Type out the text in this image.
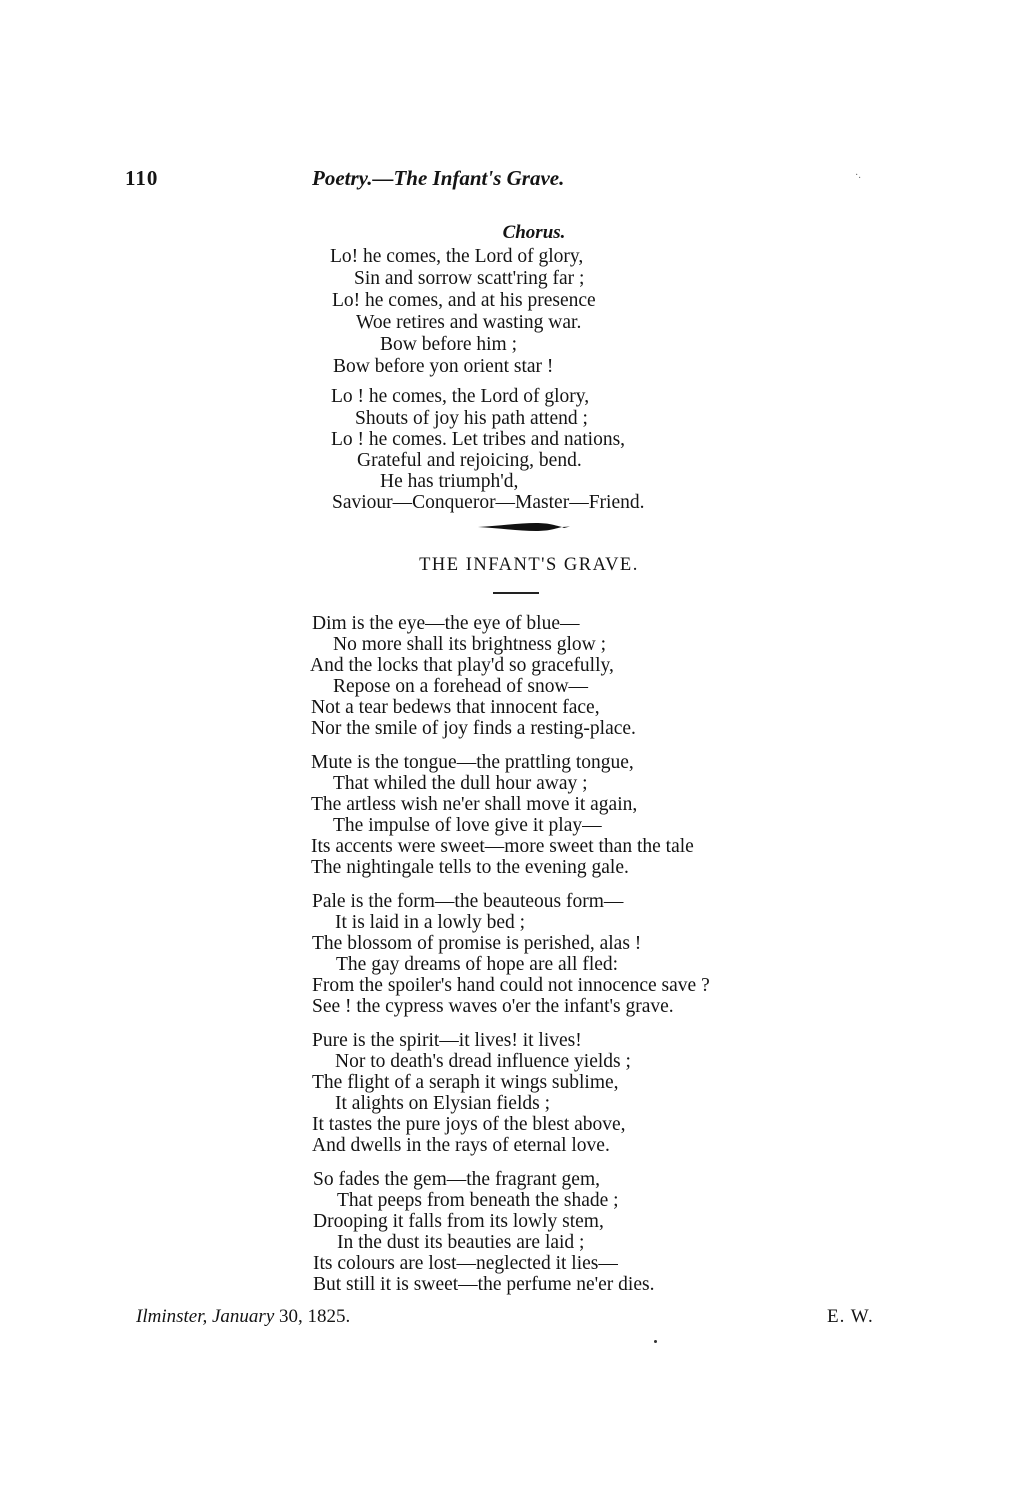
110	Poetry.—The Infant's Grave.	·.
Chorus.
Lo! he comes, the Lord of glory,
Sin and sorrow scatt'ring far ;
Lo! he comes, and at his presence
Woe retires and wasting war.
Bow before him ;
Bow before yon orient star !
Lo ! he comes, the Lord of glory,
Shouts of joy his path attend ;
Lo ! he comes. Let tribes and nations,
Grateful and rejoicing, bend.
He has triumph'd,
Saviour—Conqueror—Master—Friend.
THE INFANT'S GRAVE.
Dim is the eye—the eye of blue—
No more shall its brightness glow ;
And the locks that play'd so gracefully,
Repose on a forehead of snow—
Not a tear bedews that innocent face,
Nor the smile of joy finds a resting-place.
Mute is the tongue—the prattling tongue,
That whiled the dull hour away ;
The artless wish ne'er shall move it again,
The impulse of love give it play—
Its accents were sweet—more sweet than the tale
The nightingale tells to the evening gale.
Pale is the form—the beauteous form—
It is laid in a lowly bed ;
The blossom of promise is perished, alas !
The gay dreams of hope are all fled:
From the spoiler's hand could not innocence save ?
See ! the cypress waves o'er the infant's grave.
Pure is the spirit—it lives! it lives!
Nor to death's dread influence yields ;
The flight of a seraph it wings sublime,
It alights on Elysian fields ;
It tastes the pure joys of the blest above,
And dwells in the rays of eternal love.
So fades the gem—the fragrant gem,
That peeps from beneath the shade ;
Drooping it falls from its lowly stem,
In the dust its beauties are laid ;
Its colours are lost—neglected it lies—
But still it is sweet—the perfume ne'er dies.
Ilminster, January 30, 1825.	E. W.
